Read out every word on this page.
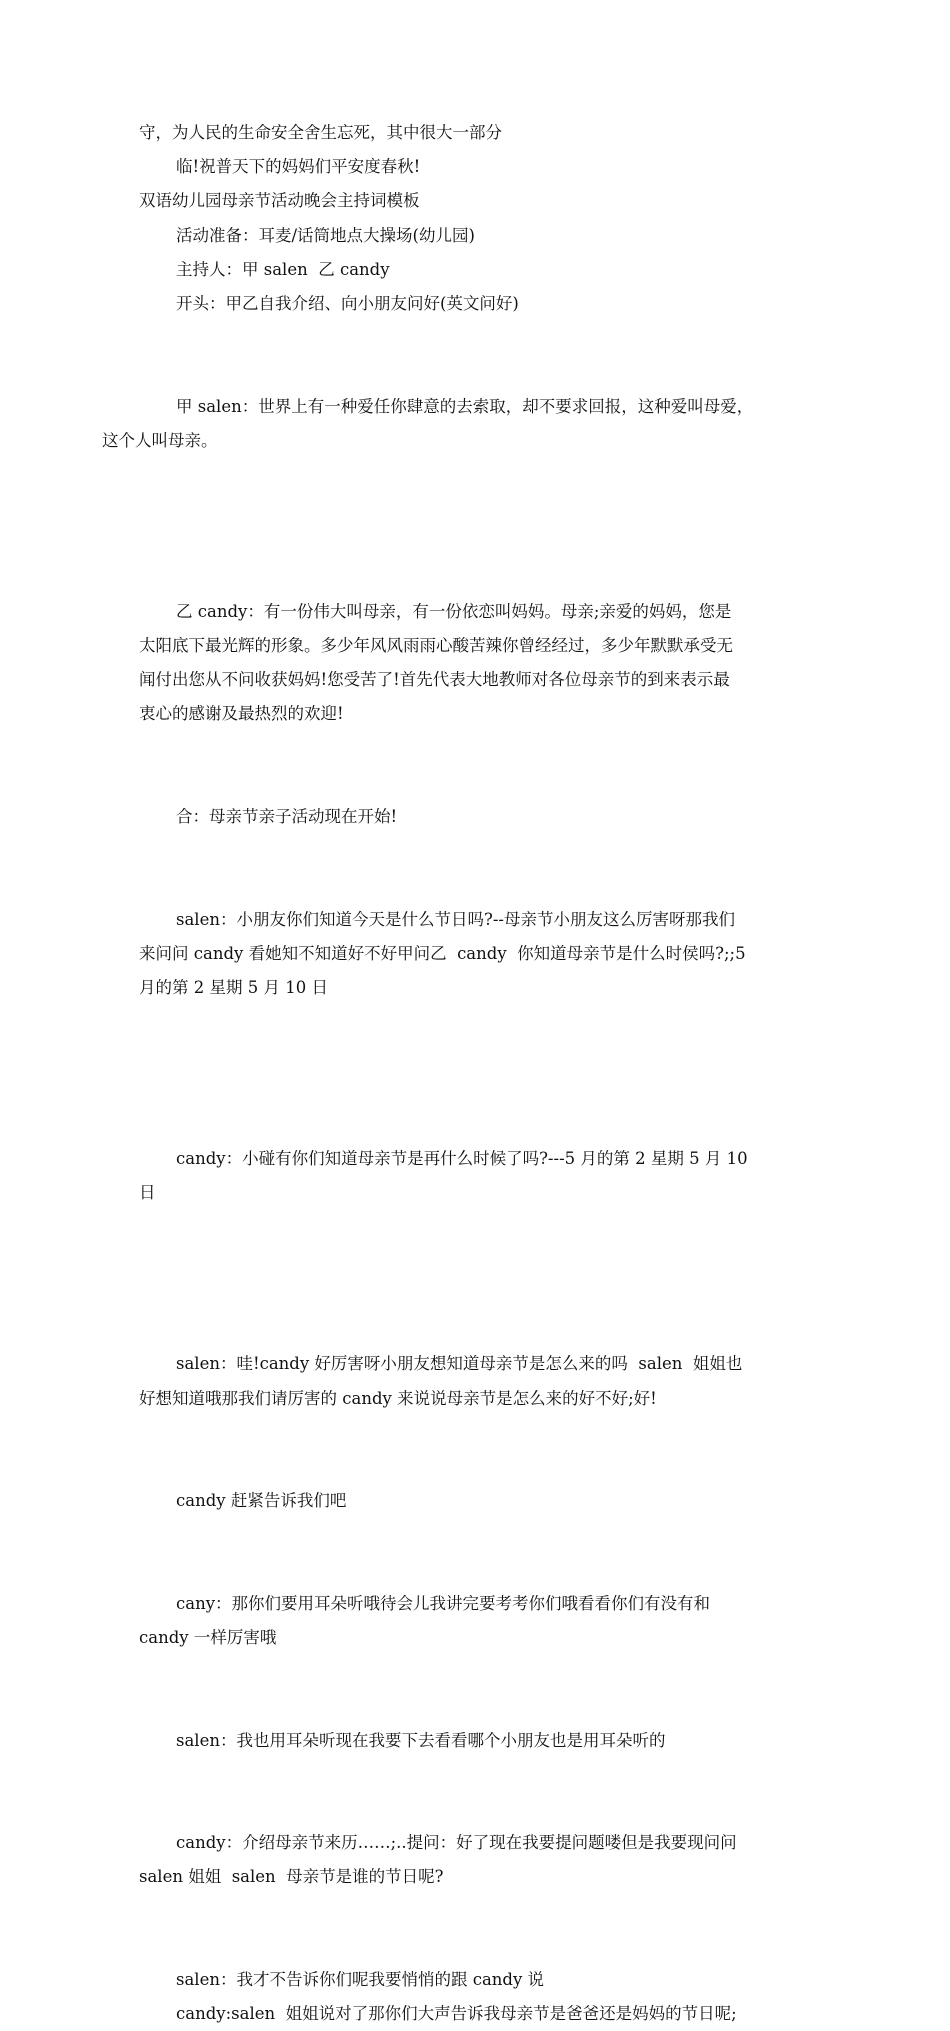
守，为人民的生命安全舍生忘死，其中很大一部分

临!祝普天下的妈妈们平安度春秋!

双语幼儿园母亲节活动晚会主持词模板

活动准备：耳麦/话筒地点大操场(幼儿园)

主持人：甲 salen  乙 candy

开头：甲乙自我介绍、向小朋友问好(英文问好)

甲 salen：世界上有一种爱任你肆意的去索取，却不要求回报，这种爱叫母爱，
这个人叫母亲。

乙 candy：有一份伟大叫母亲，有一份依恋叫妈妈。母亲;亲爱的妈妈，您是
太阳底下最光辉的形象。多少年风风雨雨心酸苦辣你曾经经过，多少年默默承受无
闻付出您从不问收获妈妈!您受苦了!首先代表大地教师对各位母亲节的到来表示最
衷心的感谢及最热烈的欢迎!

合：母亲节亲子活动现在开始!

salen：小朋友你们知道今天是什么节日吗?--母亲节小朋友这么厉害呀那我们
来问问 candy 看她知不知道好不好甲问乙  candy  你知道母亲节是什么时侯吗?;;5
月的第 2 星期 5 月 10 日

candy：小碰有你们知道母亲节是再什么时候了吗?---5 月的第 2 星期 5 月 10
日

salen：哇!candy 好厉害呀小朋友想知道母亲节是怎么来的吗  salen  姐姐也
好想知道哦那我们请厉害的 candy 来说说母亲节是怎么来的好不好;好!

candy 赶紧告诉我们吧

cany：那你们要用耳朵听哦待会儿我讲完要考考你们哦看看你们有没有和
candy 一样厉害哦

salen：我也用耳朵听现在我要下去看看哪个小朋友也是用耳朵听的

candy：介绍母亲节来历……;..提问：好了现在我要提问题喽但是我要现问问
salen 姐姐  salen  母亲节是谁的节日呢?

salen：我才不告诉你们呢我要悄悄的跟 candy 说

candy:salen  姐姐说对了那你们大声告诉我母亲节是爸爸还是妈妈的节日呢;
